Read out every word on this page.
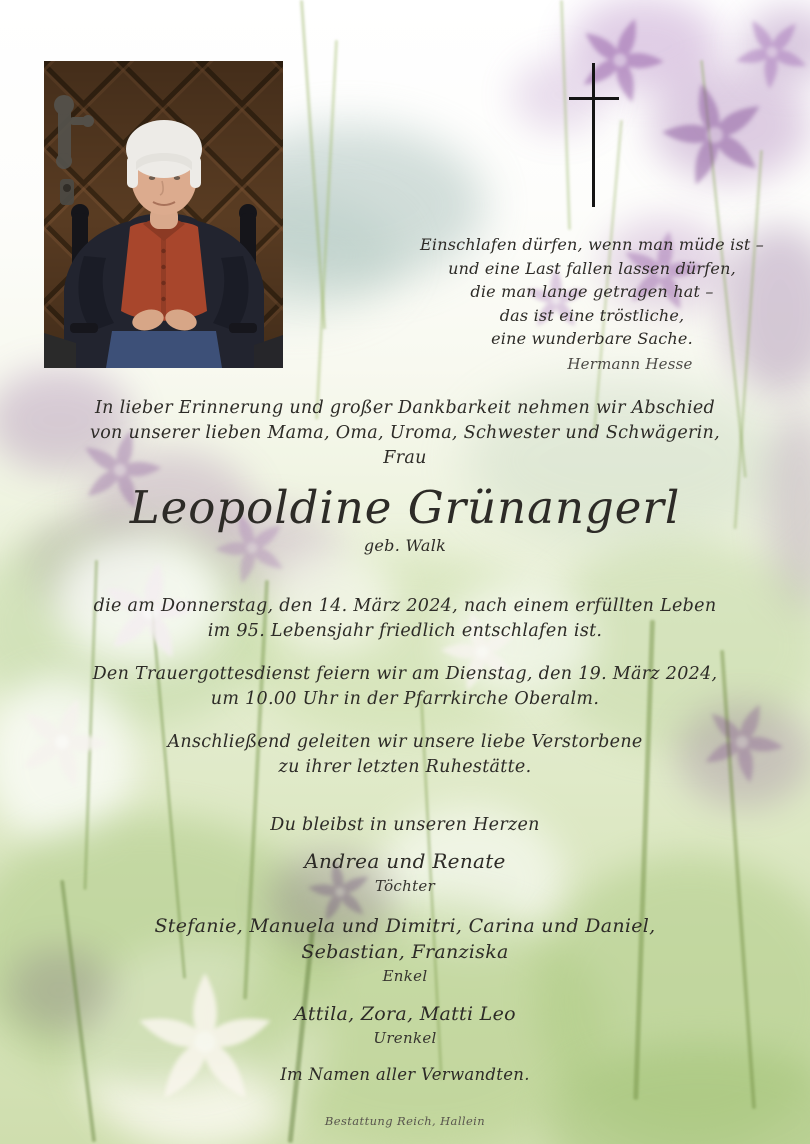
Einschlafen dürfen, wenn man müde ist –
und eine Last fallen lassen dürfen,
die man lange getragen hat –
das ist eine tröstliche,
eine wunderbare Sache.
Hermann Hesse
In lieber Erinnerung und großer Dankbarkeit nehmen wir Abschied
von unserer lieben Mama, Oma, Uroma, Schwester und Schwägerin,
Frau
Leopoldine Grünangerl
geb. Walk
die am Donnerstag, den 14. März 2024, nach einem erfüllten Leben
im 95. Lebensjahr friedlich entschlafen ist.
Den Trauergottesdienst feiern wir am Dienstag, den 19. März 2024,
um 10.00 Uhr in der Pfarrkirche Oberalm.
Anschließend geleiten wir unsere liebe Verstorbene
zu ihrer letzten Ruhestätte.
Du bleibst in unseren Herzen
Andrea und Renate
Töchter
Stefanie, Manuela und Dimitri, Carina und Daniel,
Sebastian, Franziska
Enkel
Attila, Zora, Matti Leo
Urenkel
Im Namen aller Verwandten.
Bestattung Reich, Hallein
